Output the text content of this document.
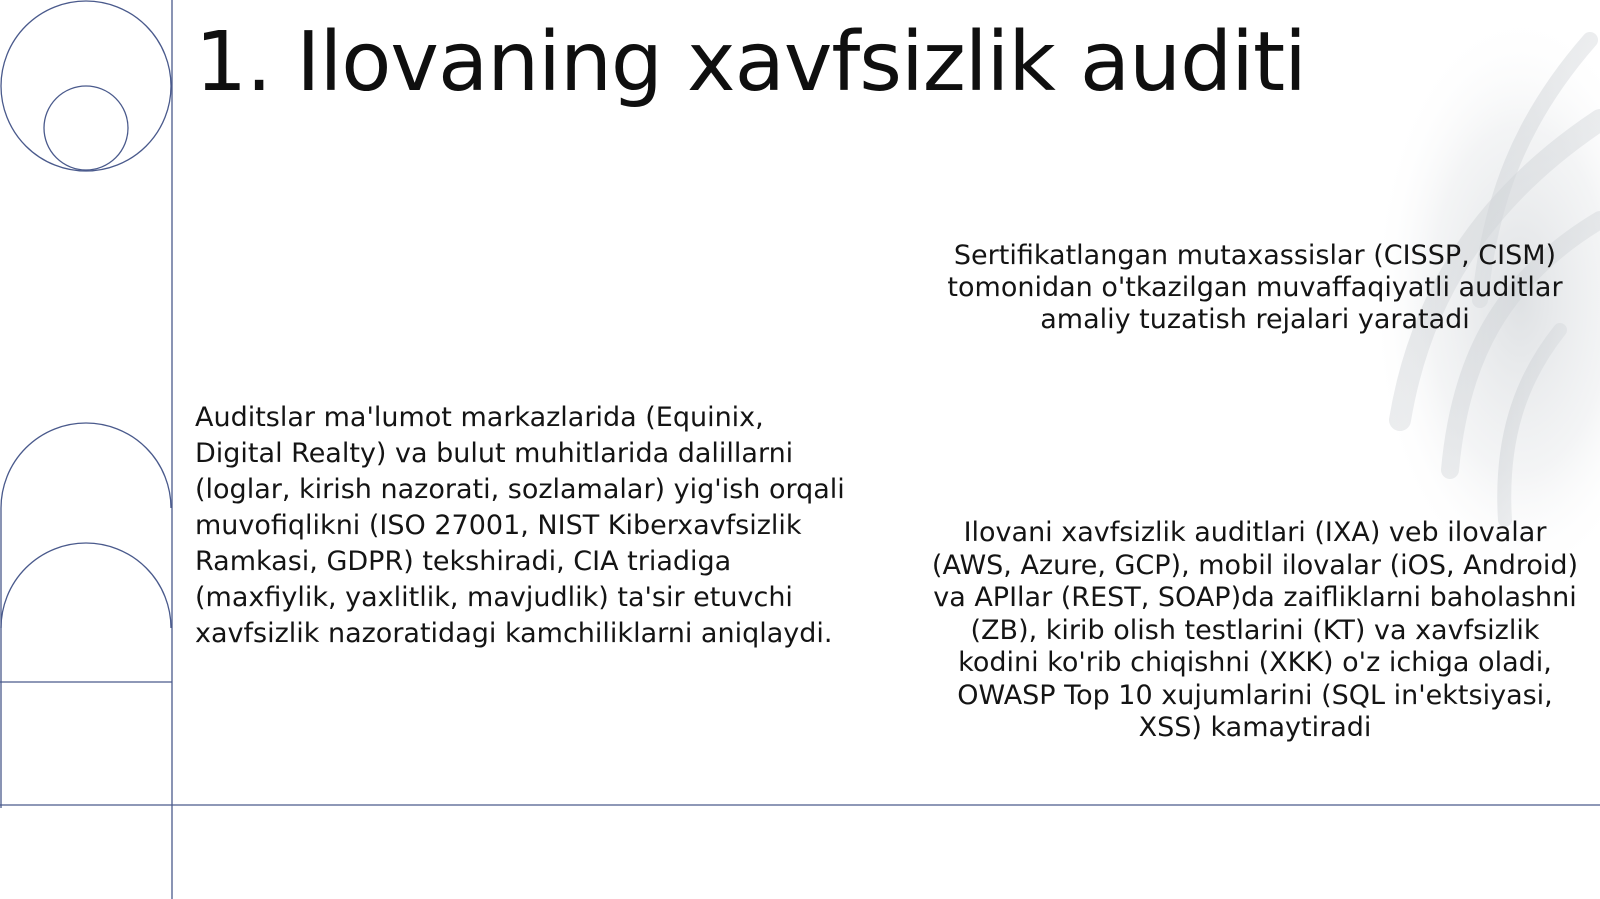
1. Ilovaning xavfsizlik auditi

Auditslar ma'lumot markazlarida (Equinix, Digital Realty) va bulut muhitlarida dalillarni (loglar, kirish nazorati, sozlamalar) yig'ish orqali muvofiqlikni (ISO 27001, NIST Kiberxavfsizlik Ramkasi, GDPR) tekshiradi, CIA triadiga (maxfiylik, yaxlitlik, mavjudlik) ta'sir etuvchi xavfsizlik nazoratidagi kamchiliklarni aniqlaydi.

Sertifikatlangan mutaxassislar (CISSP, CISM) tomonidan o'tkazilgan muvaffaqiyatli auditlar amaliy tuzatish rejalari yaratadi

Ilovani xavfsizlik auditlari (IXA) veb ilovalar (AWS, Azure, GCP), mobil ilovalar (iOS, Android) va APIlar (REST, SOAP)da zaifliklarni baholashni (ZB), kirib olish testlarini (KT) va xavfsizlik kodini ko'rib chiqishni (XKK) o'z ichiga oladi, OWASP Top 10 xujumlarini (SQL in'ektsiyasi, XSS) kamaytiradi
